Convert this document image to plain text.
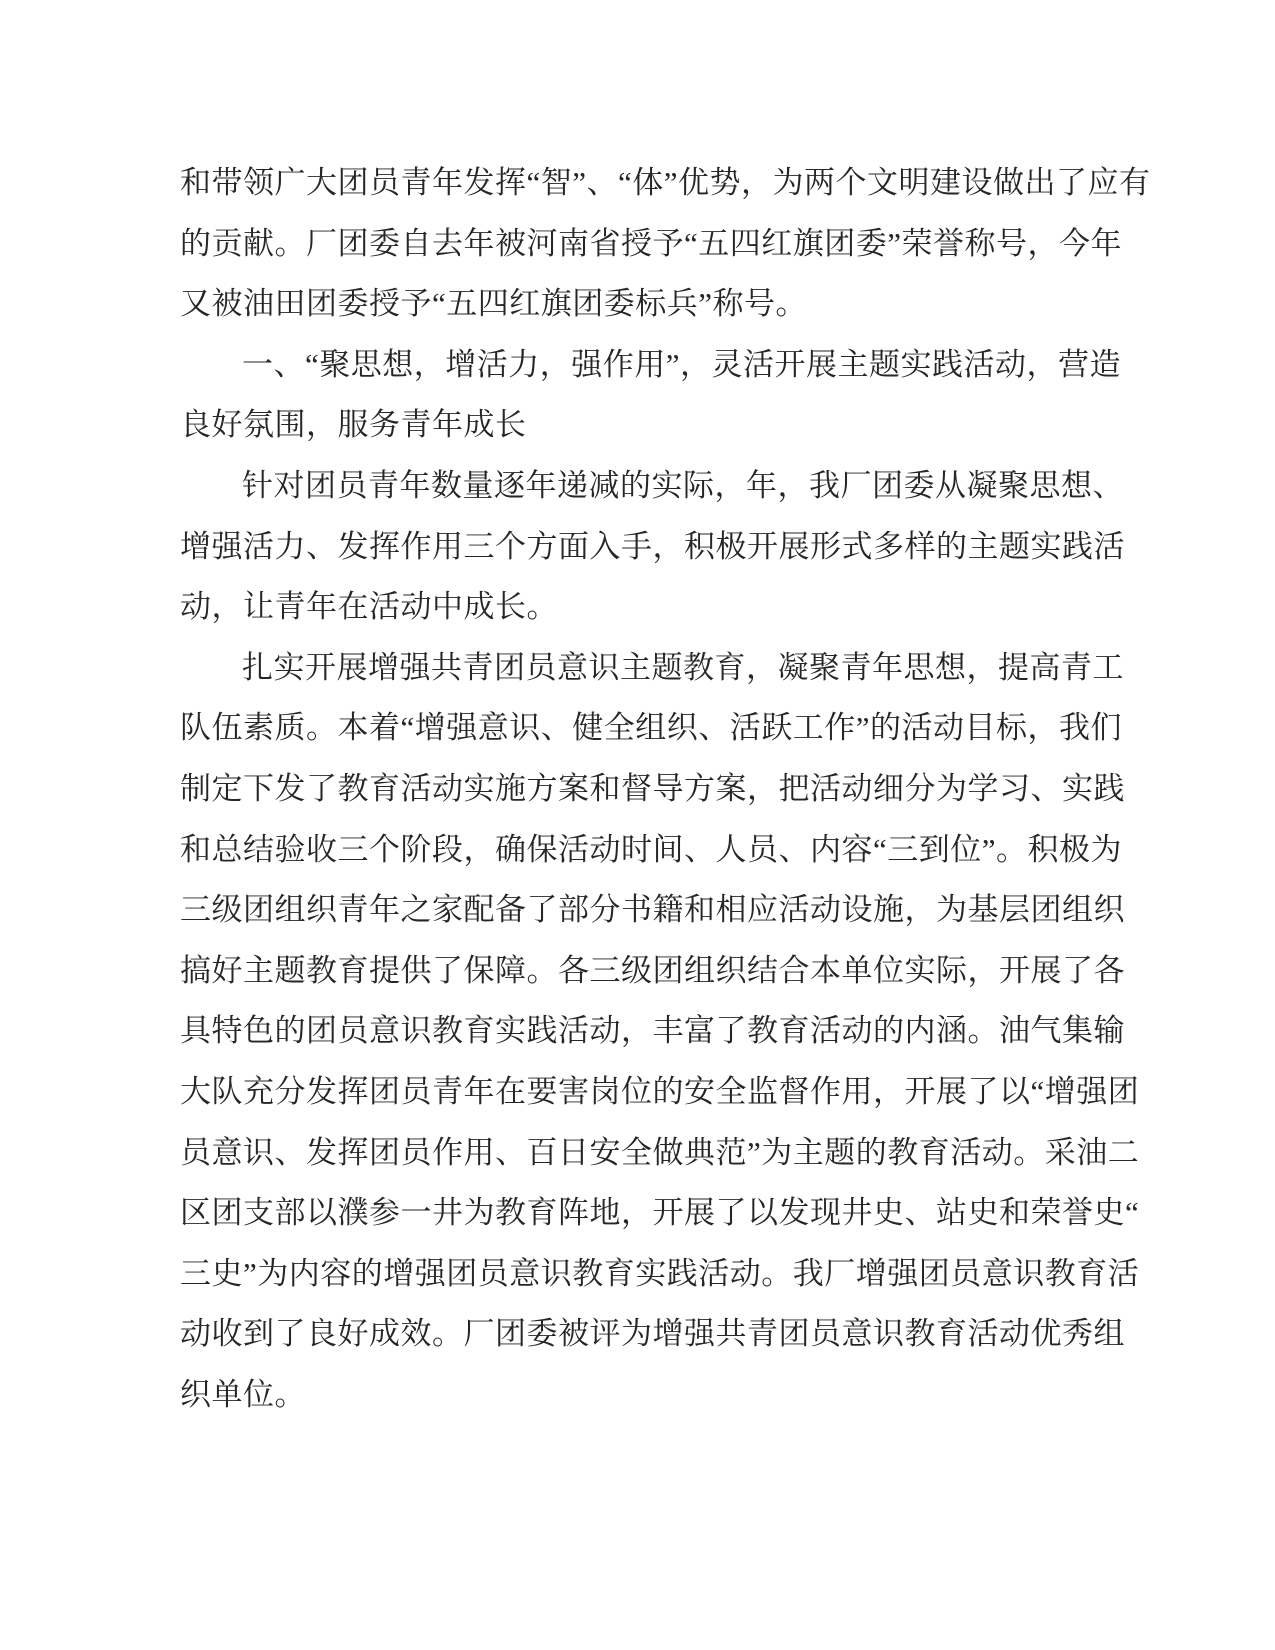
和带领广大团员青年发挥“智”、“体”优势，为两个文明建设做出了应有
的贡献。厂团委自去年被河南省授予“五四红旗团委”荣誉称号，今年
又被油田团委授予“五四红旗团委标兵”称号。
一、“聚思想，增活力，强作用”，灵活开展主题实践活动，营造
良好氛围，服务青年成长
针对团员青年数量逐年递减的实际，年，我厂团委从凝聚思想、
增强活力、发挥作用三个方面入手，积极开展形式多样的主题实践活
动，让青年在活动中成长。
扎实开展增强共青团员意识主题教育，凝聚青年思想，提高青工
队伍素质。本着“增强意识、健全组织、活跃工作”的活动目标，我们
制定下发了教育活动实施方案和督导方案，把活动细分为学习、实践
和总结验收三个阶段，确保活动时间、人员、内容“三到位”。积极为
三级团组织青年之家配备了部分书籍和相应活动设施，为基层团组织
搞好主题教育提供了保障。各三级团组织结合本单位实际，开展了各
具特色的团员意识教育实践活动，丰富了教育活动的内涵。油气集输
大队充分发挥团员青年在要害岗位的安全监督作用，开展了以“增强团
员意识、发挥团员作用、百日安全做典范”为主题的教育活动。采油二
区团支部以濮参一井为教育阵地，开展了以发现井史、站史和荣誉史“
三史”为内容的增强团员意识教育实践活动。我厂增强团员意识教育活
动收到了良好成效。厂团委被评为增强共青团员意识教育活动优秀组
织单位。
